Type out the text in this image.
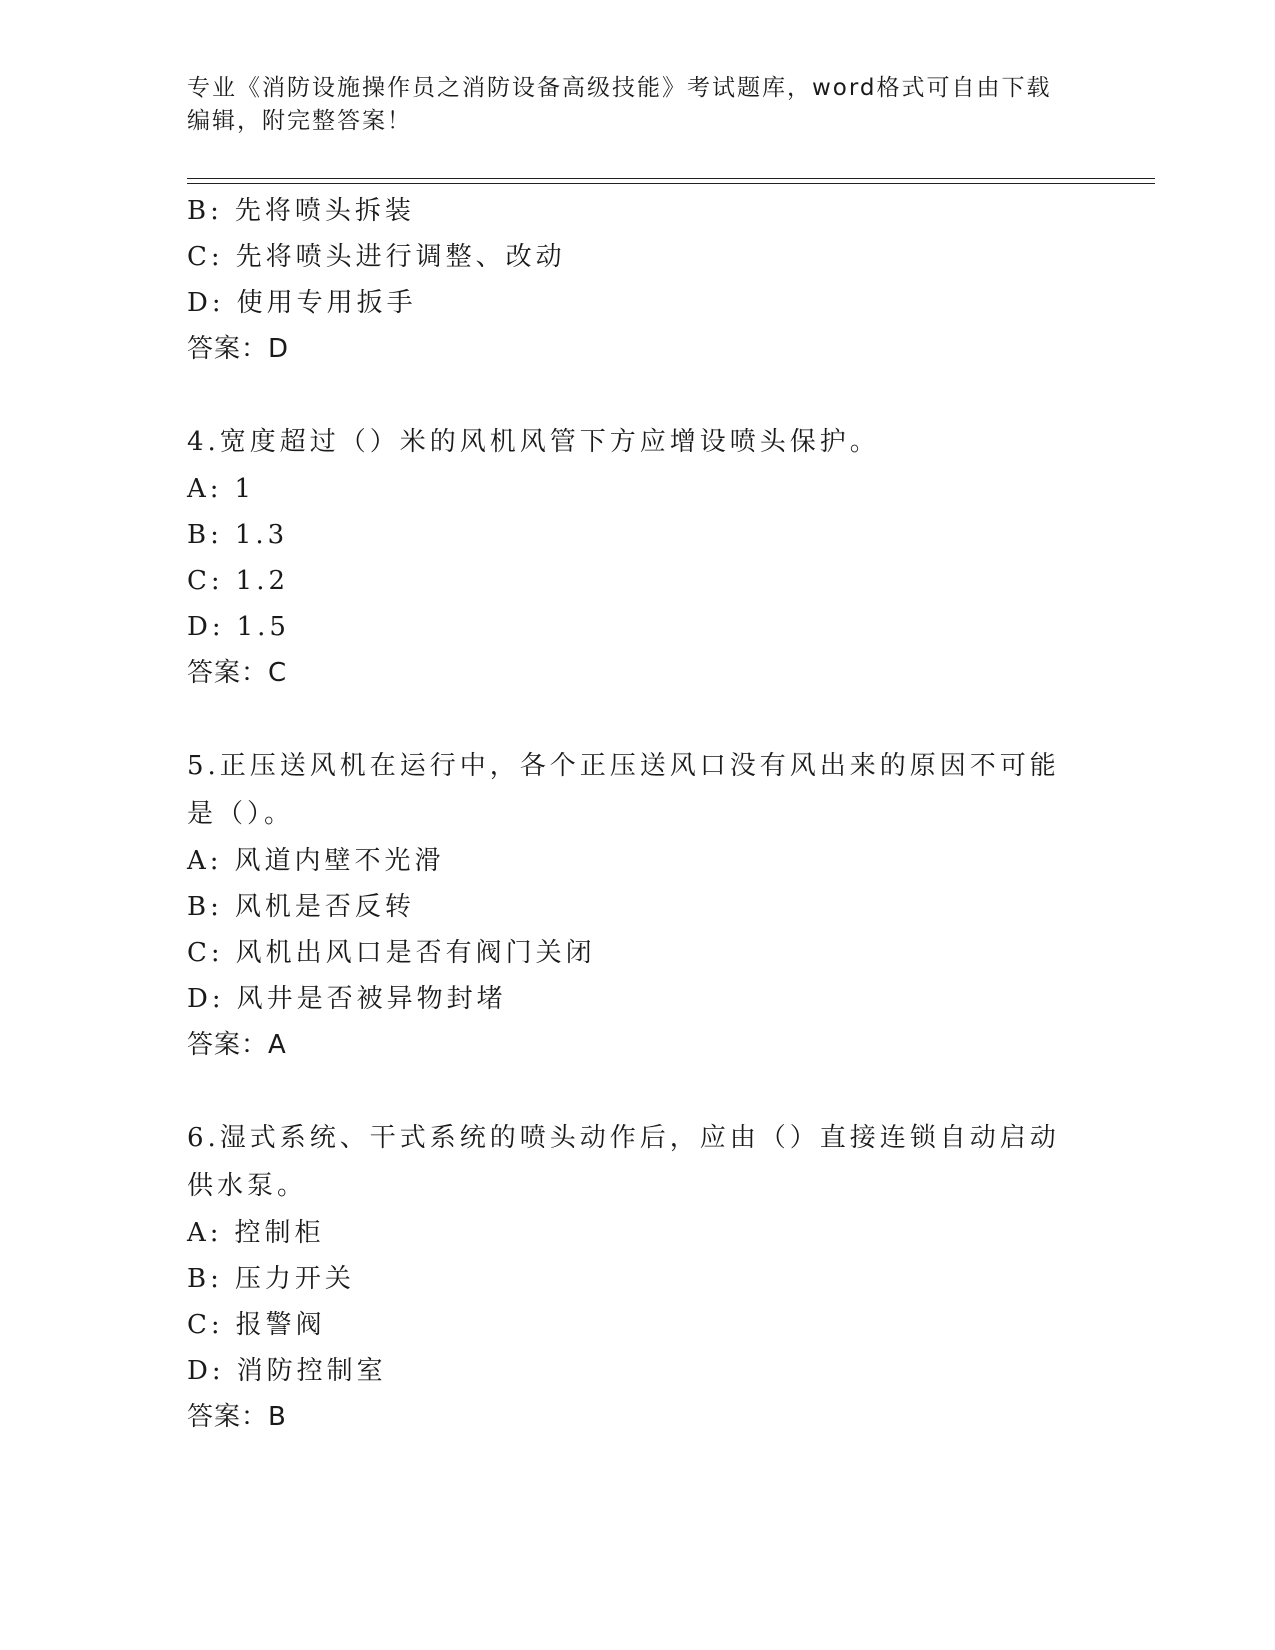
专业《消防设施操作员之消防设备高级技能》考试题库，word格式可自由下载编辑，附完整答案！
B: 先将喷头拆装
C: 先将喷头进行调整、改动
D: 使用专用扳手
答案：D
4.宽度超过（）米的风机风管下方应增设喷头保护。
A: 1
B: 1.3
C: 1.2
D: 1.5
答案：C
5.正压送风机在运行中，各个正压送风口没有风出来的原因不可能是（）。
A: 风道内壁不光滑
B: 风机是否反转
C: 风机出风口是否有阀门关闭
D: 风井是否被异物封堵
答案：A
6.湿式系统、干式系统的喷头动作后，应由（）直接连锁自动启动供水泵。
A: 控制柜
B: 压力开关
C: 报警阀
D: 消防控制室
答案：B
